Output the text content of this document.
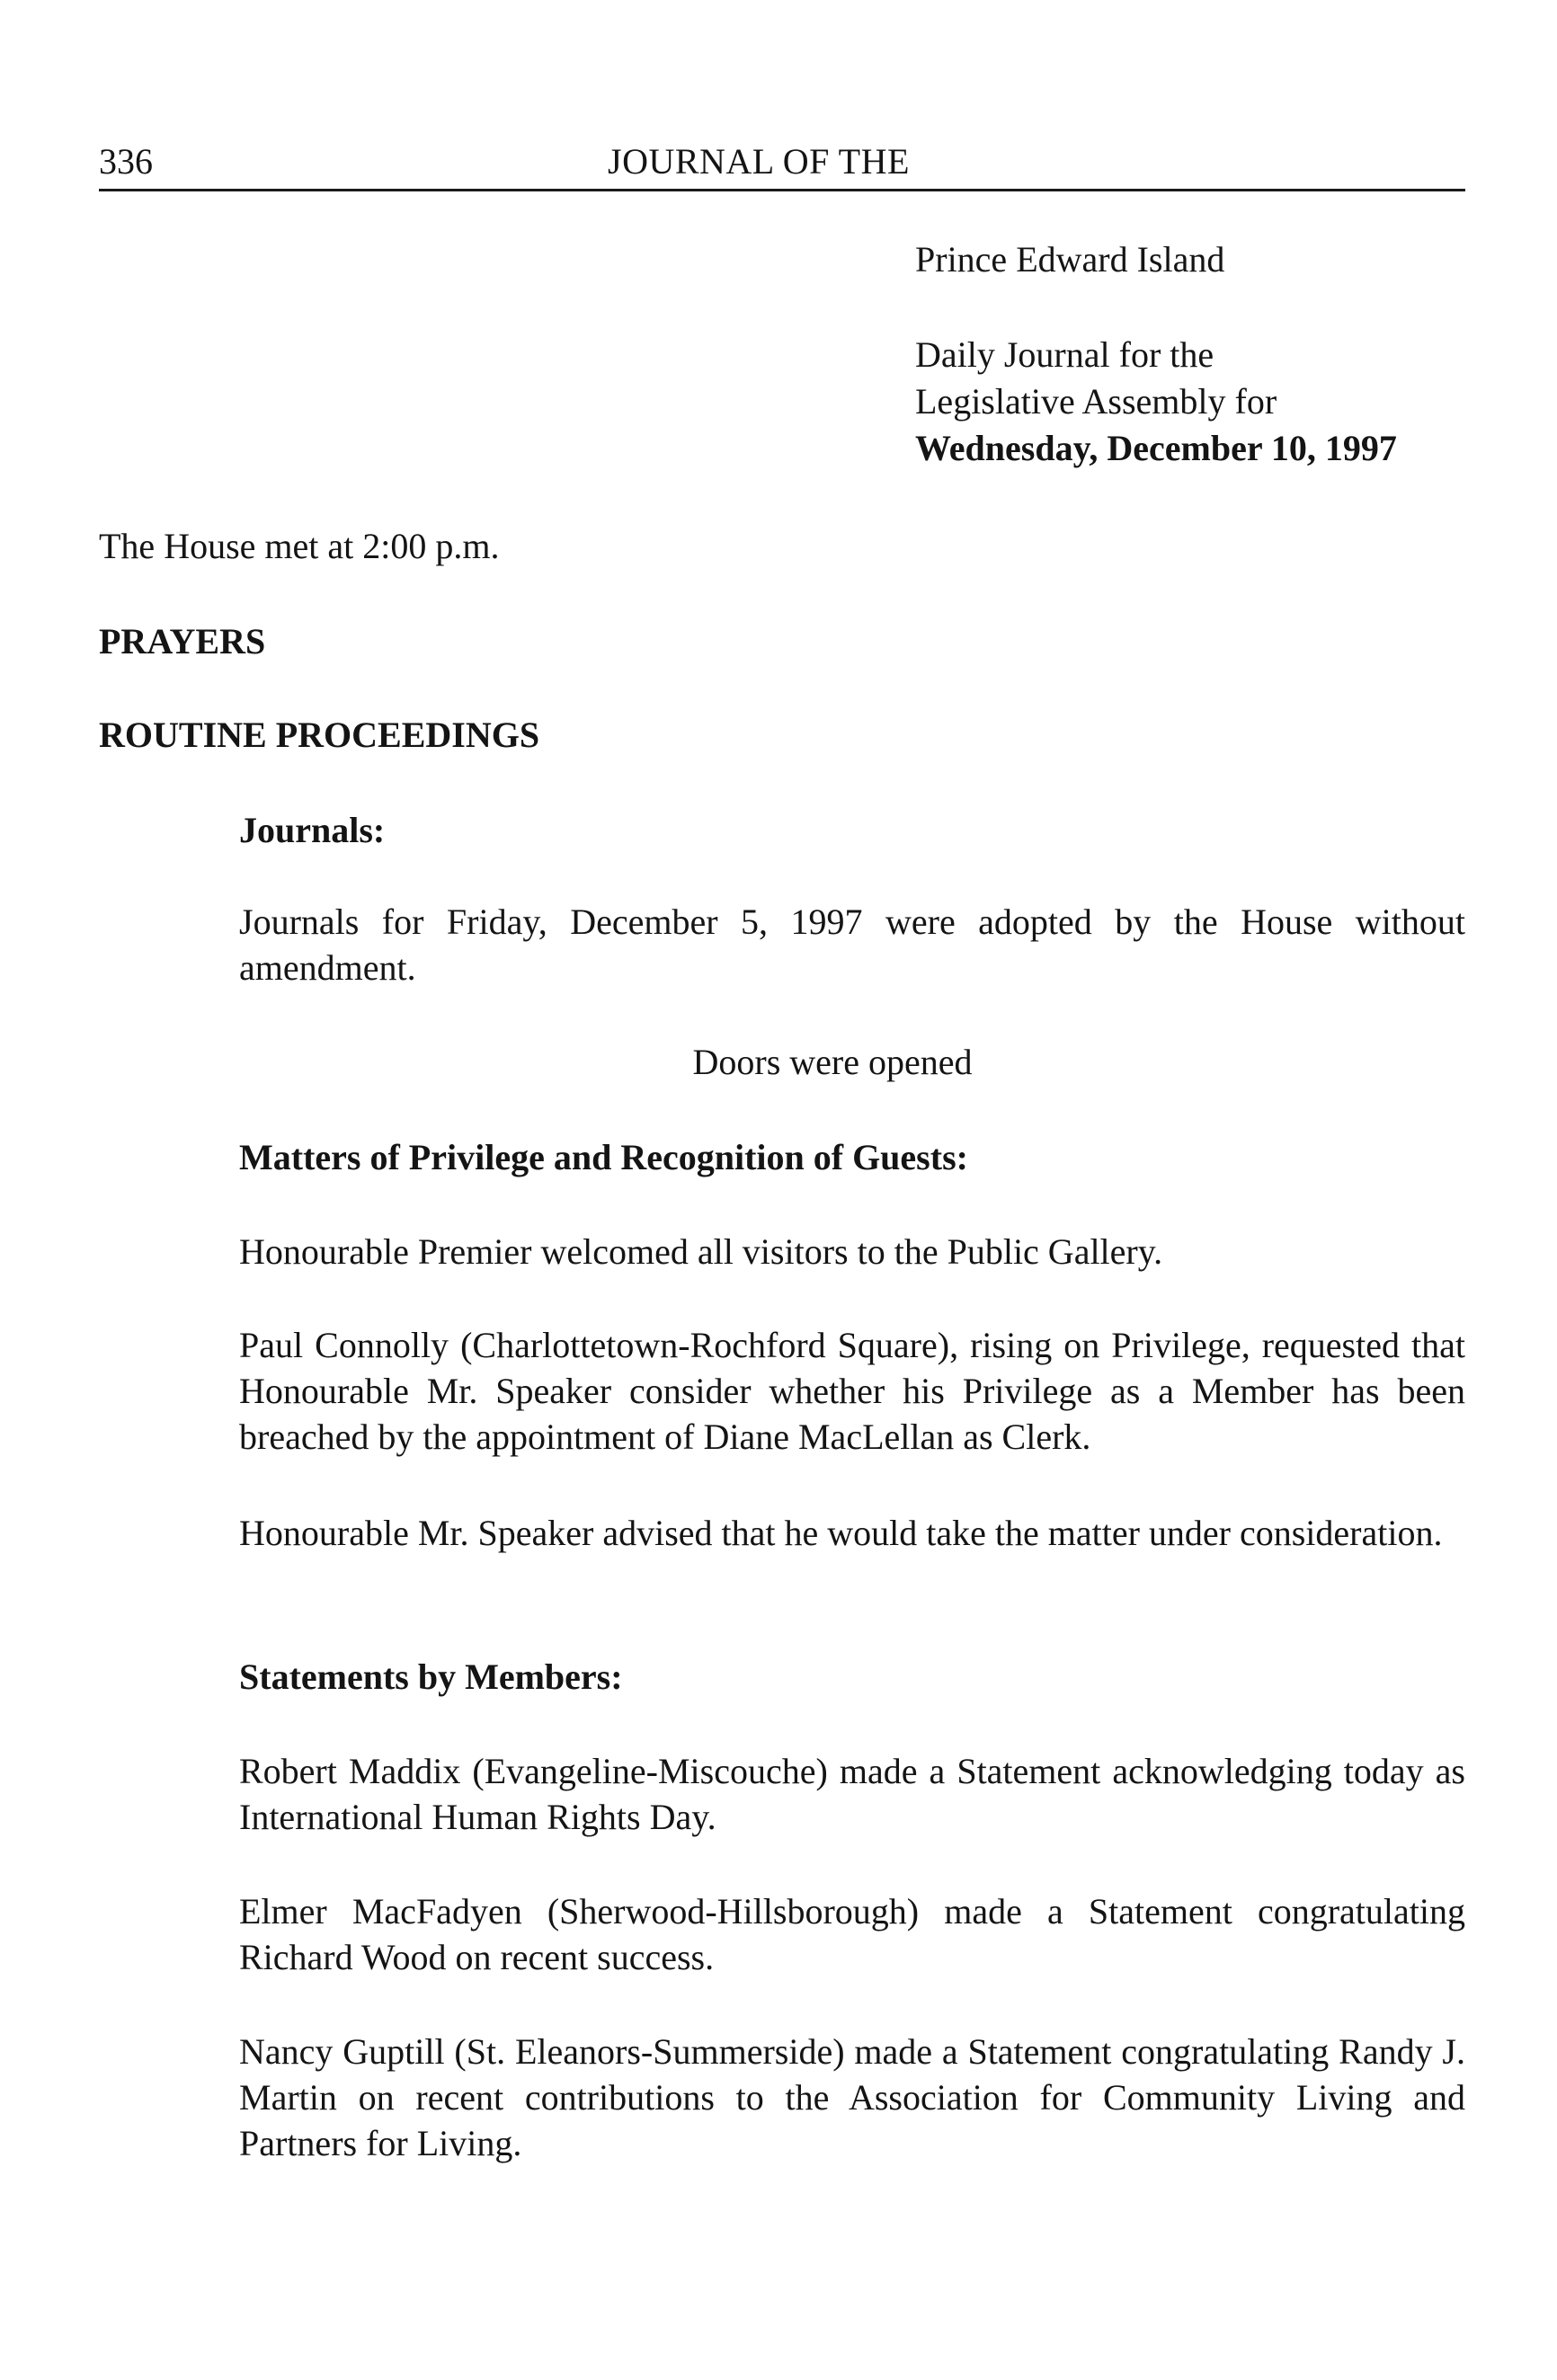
336	JOURNAL OF THE

Prince Edward Island

Daily Journal for the

Legislative Assembly for

Wednesday, December 10, 1997

The House met at 2:00 p.m.

PRAYERS

ROUTINE PROCEEDINGS

Journals:

Journals for Friday, December 5, 1997 were adopted by the House without amendment.

Doors were opened

Matters of Privilege and Recognition of Guests:

Honourable Premier welcomed all visitors to the Public Gallery.

Paul Connolly (Charlottetown-Rochford Square), rising on Privilege, requested that Honourable Mr. Speaker consider whether his Privilege as a Member has been breached by the appointment of Diane MacLellan as Clerk.

Honourable Mr. Speaker advised that he would take the matter under consideration.

Statements by Members:

Robert Maddix (Evangeline-Miscouche) made a Statement acknowledging today as International Human Rights Day.

Elmer MacFadyen (Sherwood-Hillsborough) made a Statement congratulating Richard Wood on recent success.

Nancy Guptill (St. Eleanors-Summerside) made a Statement congratulating Randy J. Martin on recent contributions to the Association for Community Living and Partners for Living.
